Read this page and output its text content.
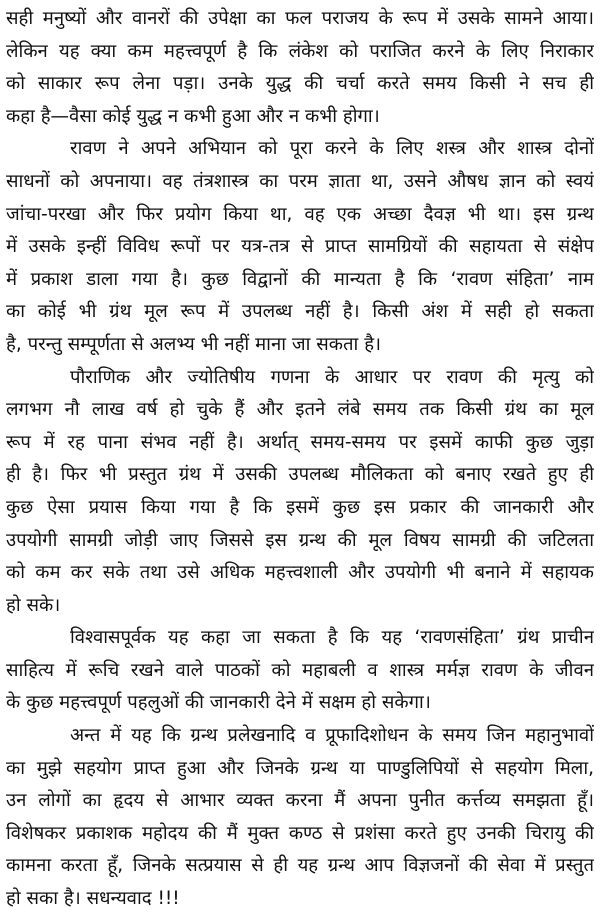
सही मनुष्यों और वानरों की उपेक्षा का फल पराजय के रूप में उसके सामने आया।
लेकिन यह क्या कम महत्त्वपूर्ण है कि लंकेश को पराजित करने के लिए निराकार
को साकार रूप लेना पड़ा। उनके युद्ध की चर्चा करते समय किसी ने सच ही
कहा है—वैसा कोई युद्ध न कभी हुआ और न कभी होगा।
रावण ने अपने अभियान को पूरा करने के लिए शस्त्र और शास्त्र दोनों
साधनों को अपनाया। वह तंत्रशास्त्र का परम ज्ञाता था, उसने औषध ज्ञान को स्वयं
जांचा-परखा और फिर प्रयोग किया था, वह एक अच्छा दैवज्ञ भी था। इस ग्रन्थ
में उसके इन्हीं विविध रूपों पर यत्र-तत्र से प्राप्त सामग्रियों की सहायता से संक्षेप
में प्रकाश डाला गया है। कुछ विद्वानों की मान्यता है कि ‘रावण संहिता’ नाम
का कोई भी ग्रंथ मूल रूप में उपलब्ध नहीं है। किसी अंश में सही हो सकता
है, परन्तु सम्पूर्णता से अलभ्य भी नहीं माना जा सकता है।
पौराणिक और ज्योतिषीय गणना के आधार पर रावण की मृत्यु को
लगभग नौ लाख वर्ष हो चुके हैं और इतने लंबे समय तक किसी ग्रंथ का मूल
रूप में रह पाना संभव नहीं है। अर्थात् समय-समय पर इसमें काफी कुछ जुड़ा
ही है। फिर भी प्रस्तुत ग्रंथ में उसकी उपलब्ध मौलिकता को बनाए रखते हुए ही
कुछ ऐसा प्रयास किया गया है कि इसमें कुछ इस प्रकार की जानकारी और
उपयोगी सामग्री जोड़ी जाए जिससे इस ग्रन्थ की मूल विषय सामग्री की जटिलता
को कम कर सके तथा उसे अधिक महत्त्वशाली और उपयोगी भी बनाने में सहायक
हो सके।
विश्वासपूर्वक यह कहा जा सकता है कि यह ‘रावणसंहिता’ ग्रंथ प्राचीन
साहित्य में रूचि रखने वाले पाठकों को महाबली व शास्त्र मर्मज्ञ रावण के जीवन
के कुछ महत्त्वपूर्ण पहलुओं की जानकारी देने में सक्षम हो सकेगा।
अन्त में यह कि ग्रन्थ प्रलेखनादि व प्रूफादिशोधन के समय जिन महानुभावों
का मुझे सहयोग प्राप्त हुआ और जिनके ग्रन्थ या पाण्डुलिपियों से सहयोग मिला,
उन लोगों का हृदय से आभार व्यक्त करना मैं अपना पुनीत कर्त्तव्य समझता हूँ।
विशेषकर प्रकाशक महोदय की मैं मुक्त कण्ठ से प्रशंसा करते हुए उनकी चिरायु की
कामना करता हूँ, जिनके सत्प्रयास से ही यह ग्रन्थ आप विज्ञजनों की सेवा में प्रस्तुत
हो सका है। सधन्यवाद !!!
